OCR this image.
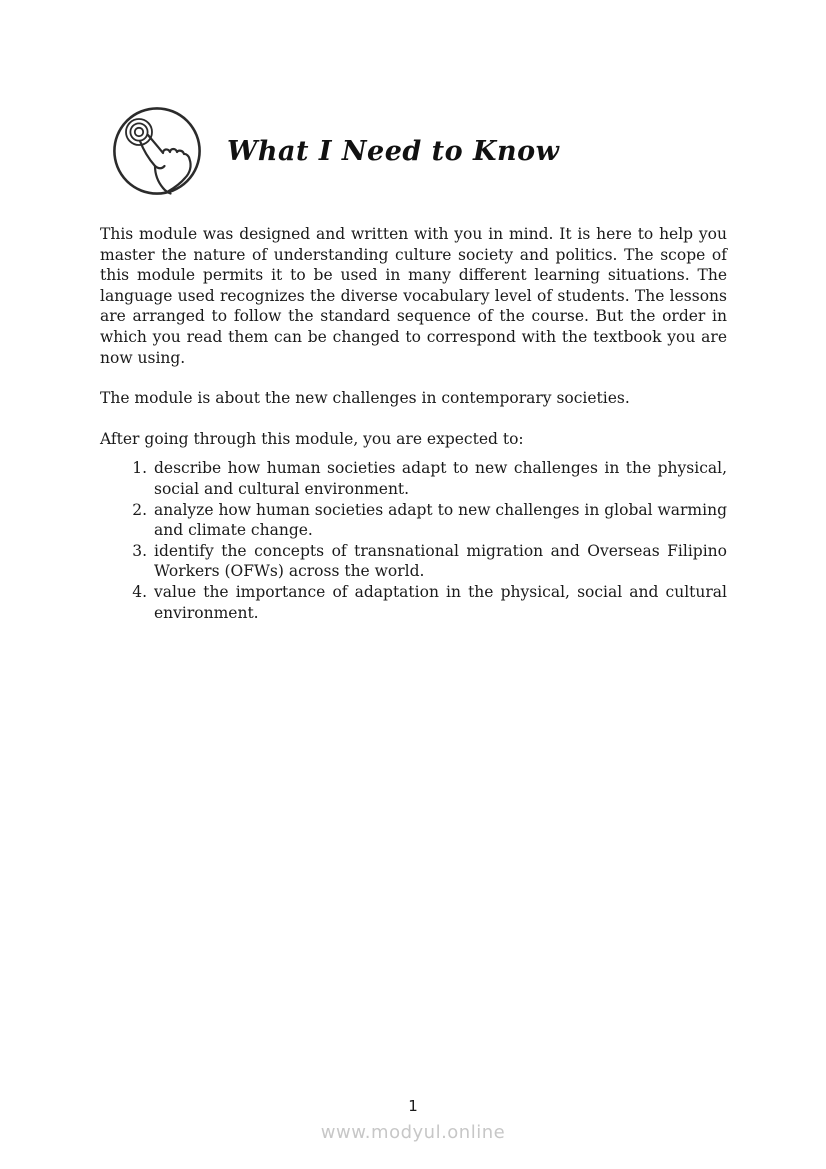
What I Need to Know

This module was designed and written with you in mind. It is here to help you master the nature of understanding culture society and politics. The scope of this module permits it to be used in many different learning situations. The language used recognizes the diverse vocabulary level of students. The lessons are arranged to follow the standard sequence of the course. But the order in which you read them can be changed to correspond with the textbook you are now using.

The module is about the new challenges in contemporary societies.

After going through this module, you are expected to:

1. describe how human societies adapt to new challenges in the physical, social and cultural environment.
2. analyze how human societies adapt to new challenges in global warming and climate change.
3. identify the concepts of transnational migration and Overseas Filipino Workers (OFWs) across the world.
4. value the importance of adaptation in the physical, social and cultural environment.
1
www.modyul.online
